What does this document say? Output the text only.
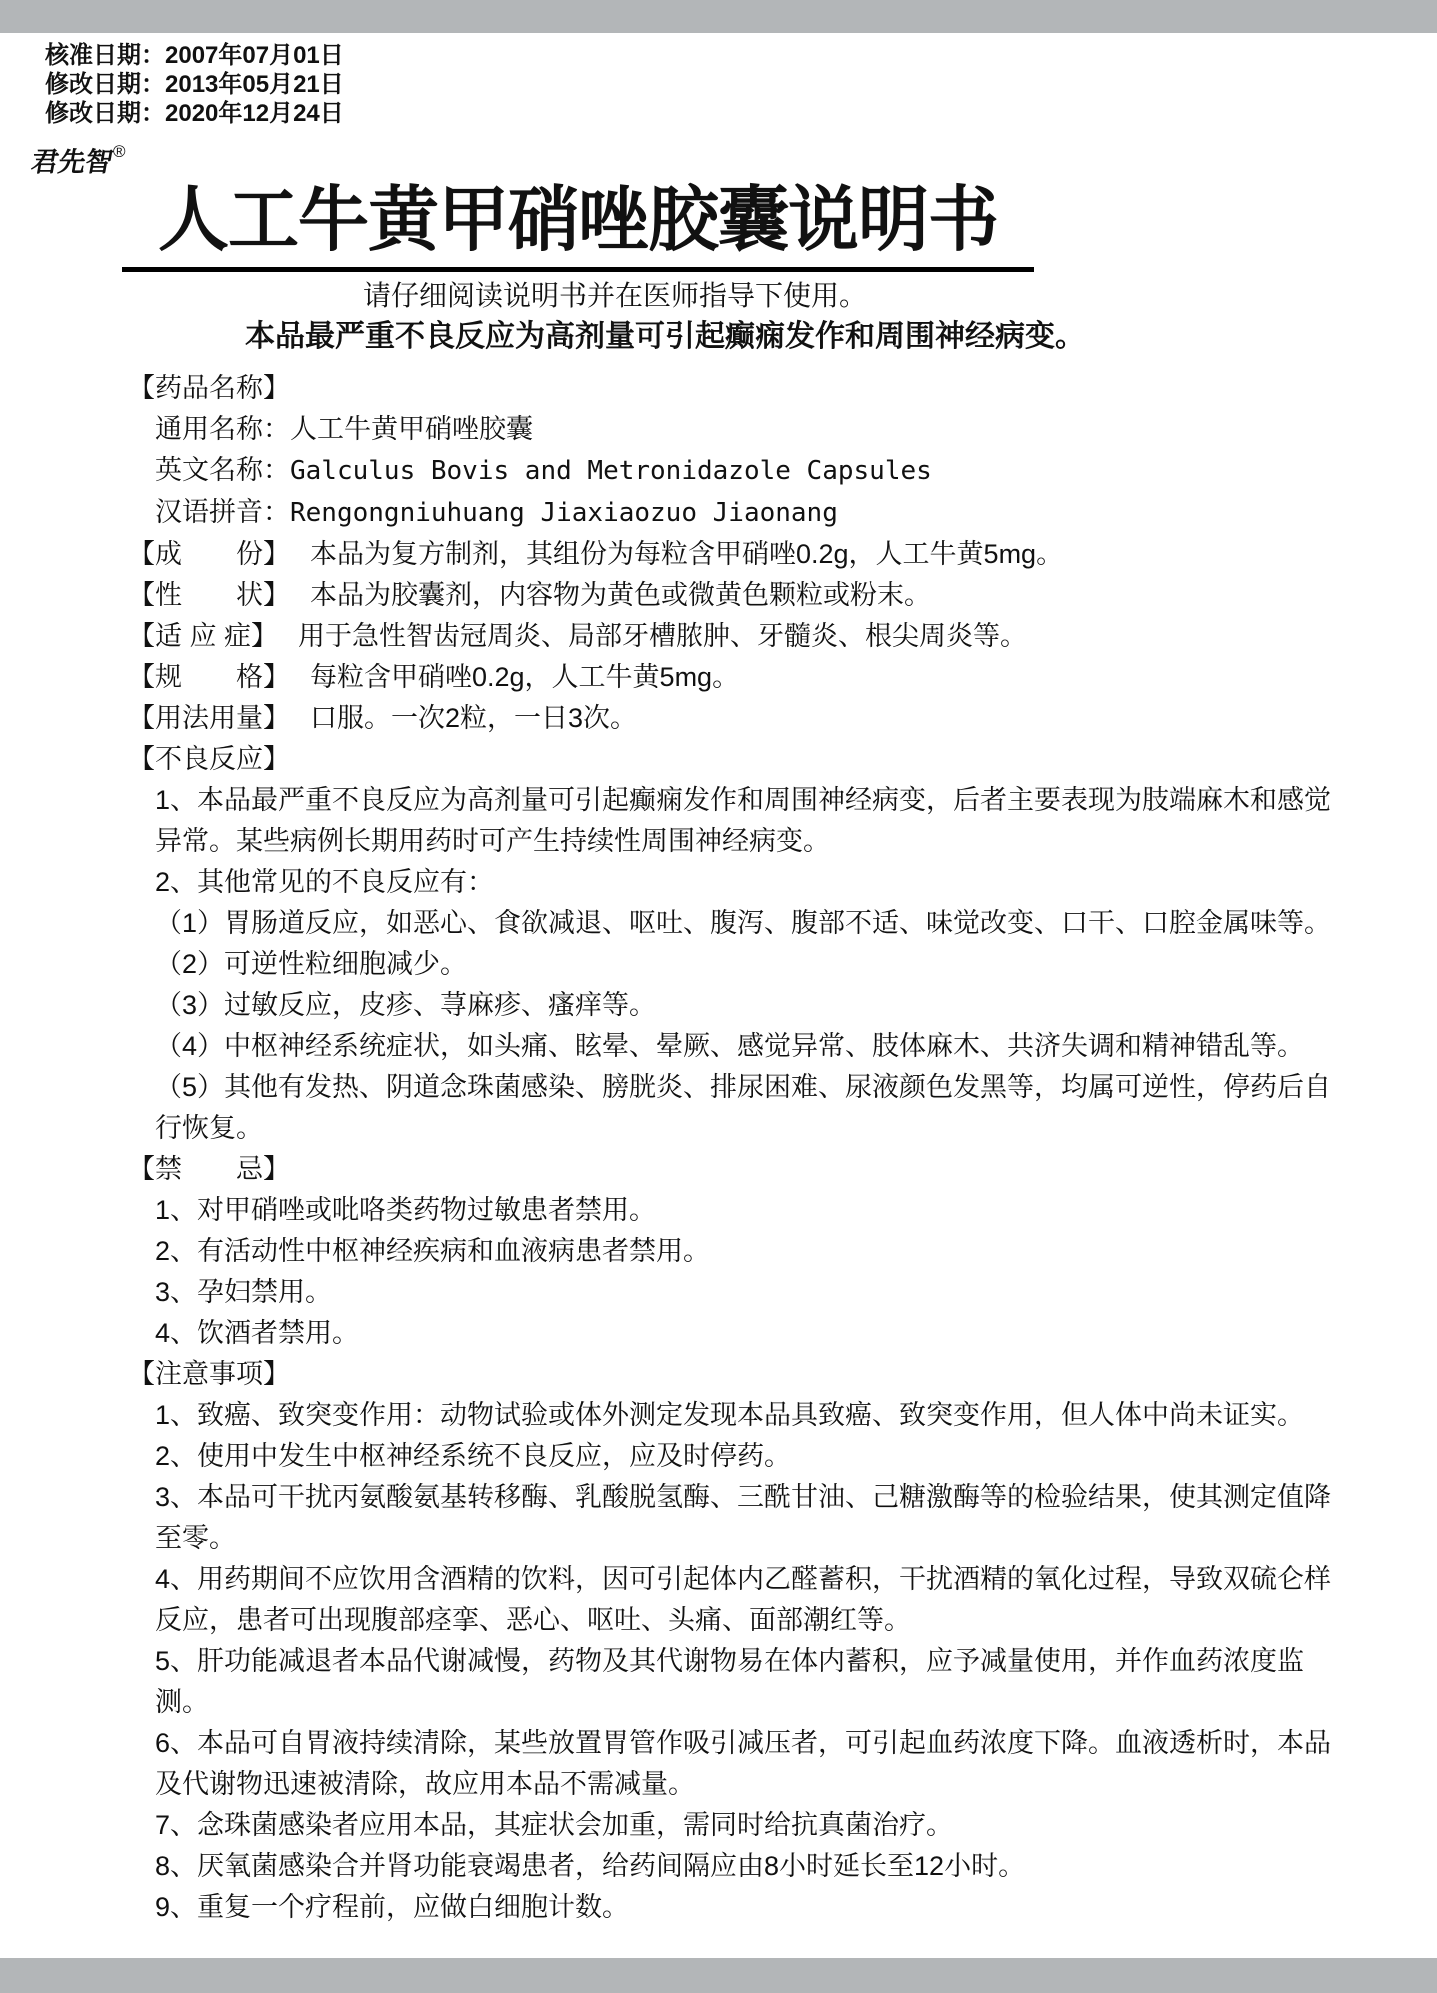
核准日期：2007年07月01日
修改日期：2013年05月21日
修改日期：2020年12月24日
君先智®
人工牛黄甲硝唑胶囊说明书
请仔细阅读说明书并在医师指导下使用。
本品最严重不良反应为高剂量可引起癫痫发作和周围神经病变。
【药品名称】
通用名称：人工牛黄甲硝唑胶囊
英文名称：Galculus Bovis and Metronidazole Capsules
汉语拼音：Rengongniuhuang Jiaxiaozuo Jiaonang
【成　　份】 本品为复方制剂，其组份为每粒含甲硝唑0.2g，人工牛黄5mg。
【性　　状】 本品为胶囊剂，内容物为黄色或微黄色颗粒或粉末。
【适 应 症】 用于急性智齿冠周炎、局部牙槽脓肿、牙髓炎、根尖周炎等。
【规　　格】 每粒含甲硝唑0.2g，人工牛黄5mg。
【用法用量】 口服。一次2粒，一日3次。
【不良反应】
1、本品最严重不良反应为高剂量可引起癫痫发作和周围神经病变，后者主要表现为肢端麻木和感觉异常。某些病例长期用药时可产生持续性周围神经病变。
2、其他常见的不良反应有：
（1）胃肠道反应，如恶心、食欲减退、呕吐、腹泻、腹部不适、味觉改变、口干、口腔金属味等。
（2）可逆性粒细胞减少。
（3）过敏反应，皮疹、荨麻疹、瘙痒等。
（4）中枢神经系统症状，如头痛、眩晕、晕厥、感觉异常、肢体麻木、共济失调和精神错乱等。
（5）其他有发热、阴道念珠菌感染、膀胱炎、排尿困难、尿液颜色发黑等，均属可逆性，停药后自行恢复。
【禁　　忌】
1、对甲硝唑或吡咯类药物过敏患者禁用。
2、有活动性中枢神经疾病和血液病患者禁用。
3、孕妇禁用。
4、饮酒者禁用。
【注意事项】
1、致癌、致突变作用：动物试验或体外测定发现本品具致癌、致突变作用，但人体中尚未证实。
2、使用中发生中枢神经系统不良反应，应及时停药。
3、本品可干扰丙氨酸氨基转移酶、乳酸脱氢酶、三酰甘油、己糖激酶等的检验结果，使其测定值降至零。
4、用药期间不应饮用含酒精的饮料，因可引起体内乙醛蓄积，干扰酒精的氧化过程，导致双硫仑样反应，患者可出现腹部痉挛、恶心、呕吐、头痛、面部潮红等。
5、肝功能减退者本品代谢减慢，药物及其代谢物易在体内蓄积，应予减量使用，并作血药浓度监测。
6、本品可自胃液持续清除，某些放置胃管作吸引减压者，可引起血药浓度下降。血液透析时，本品及代谢物迅速被清除，故应用本品不需减量。
7、念珠菌感染者应用本品，其症状会加重，需同时给抗真菌治疗。
8、厌氧菌感染合并肾功能衰竭患者，给药间隔应由8小时延长至12小时。
9、重复一个疗程前，应做白细胞计数。
